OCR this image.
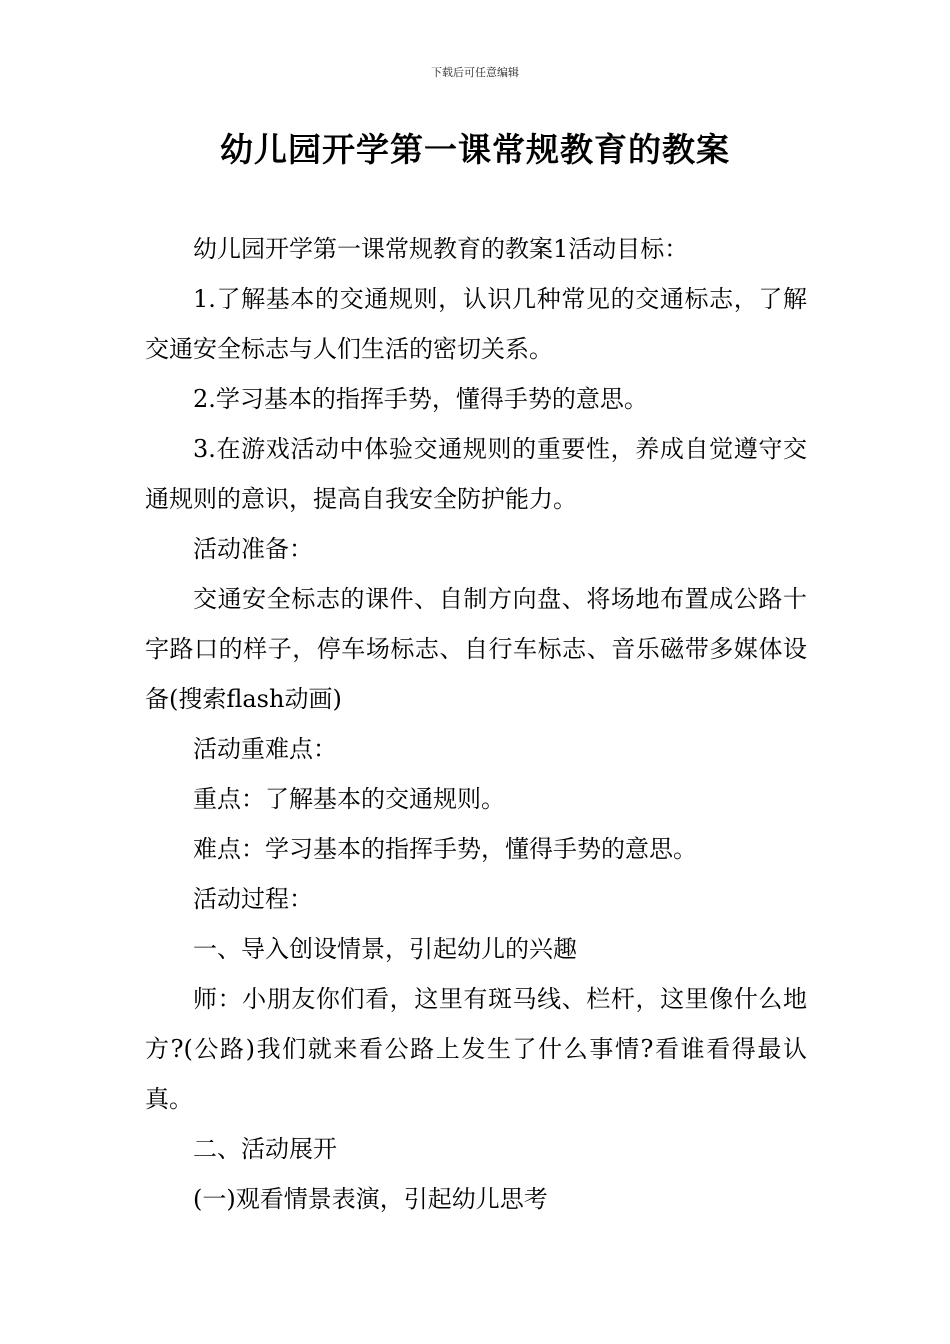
下载后可任意编辑
幼儿园开学第一课常规教育的教案

幼儿园开学第一课常规教育的教案1活动目标：

1.了解基本的交通规则，认识几种常见的交通标志，了解交通安全标志与人们生活的密切关系。

2.学习基本的指挥手势，懂得手势的意思。

3.在游戏活动中体验交通规则的重要性，养成自觉遵守交通规则的意识，提高自我安全防护能力。

活动准备：

交通安全标志的课件、自制方向盘、将场地布置成公路十字路口的样子，停车场标志、自行车标志、音乐磁带多媒体设备(搜索flash动画)

活动重难点：

重点：了解基本的交通规则。

难点：学习基本的指挥手势，懂得手势的意思。

活动过程：

一、导入创设情景，引起幼儿的兴趣

师：小朋友你们看，这里有斑马线、栏杆，这里像什么地方?(公路)我们就来看公路上发生了什么事情?看谁看得最认真。

二、活动展开

(一)观看情景表演，引起幼儿思考
